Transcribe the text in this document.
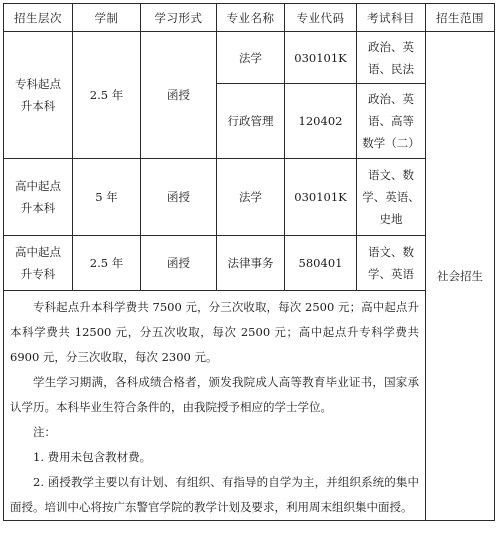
招生层次	学制	学习形式	专业名称	专业代码	考试科目	招生范围

专科起点
升本科	2.5 年	函授	法学	030101K	政治、英
语、民法	社会招生
			行政管理	120402	政治、英
语、高等
数学（二）	

高中起点
升本科	5 年	函授	法学	030101K	语文、数
学、英语、
史地	

高中起点
升专科	2.5 年	函授	法律事务	580401	语文、数
学、英语	

专科起点升本科学费共 7500 元，分三次收取，每次 2500 元；高中起点升本科学费共 12500 元，分五次收取，每次 2500 元；高中起点升专科学费共 6900 元，分三次收取，每次 2300 元。

学生学习期满，各科成绩合格者，颁发我院成人高等教育毕业证书，国家承认学历。本科毕业生符合条件的，由我院授予相应的学士学位。

注：

1. 费用未包含教材费。

2. 函授教学主要以有计划、有组织、有指导的自学为主，并组织系统的集中面授。培训中心将按广东警官学院的教学计划及要求，利用周末组织集中面授。						
